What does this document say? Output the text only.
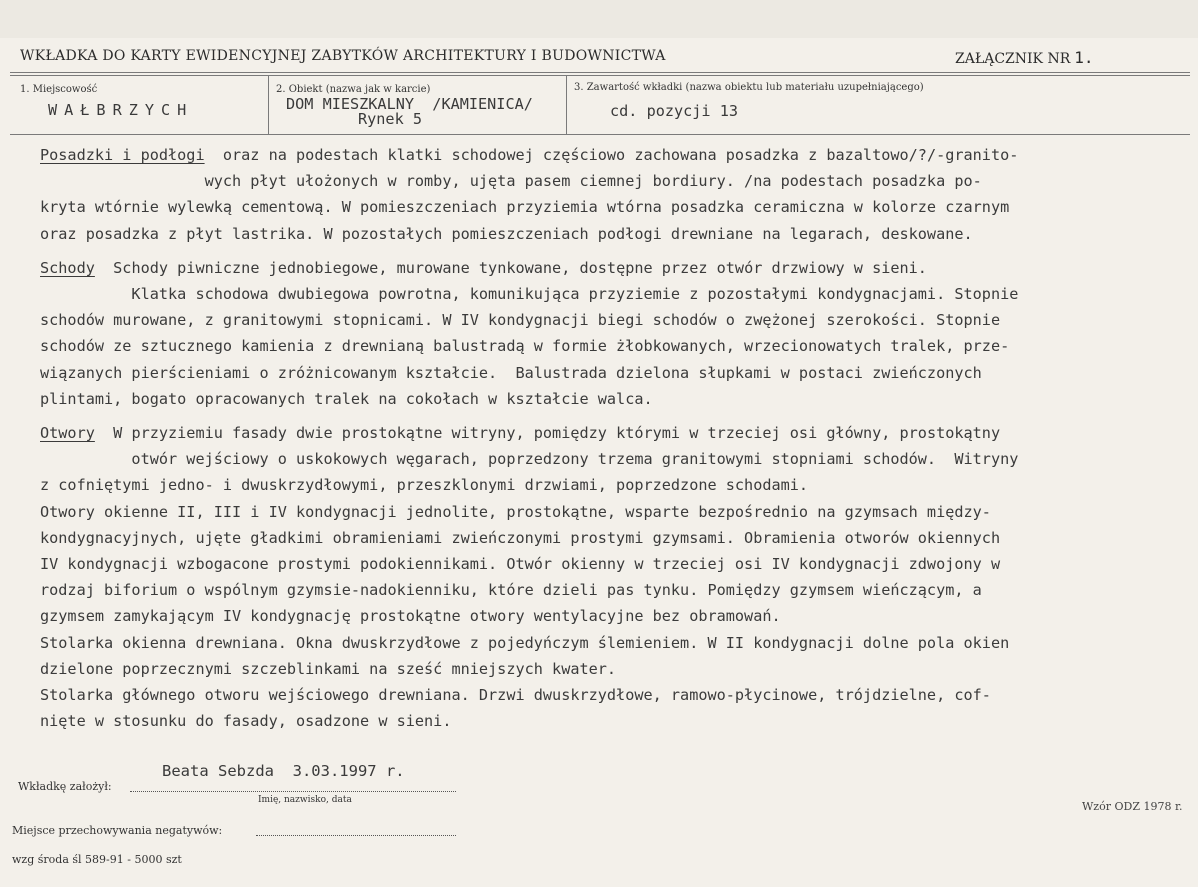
WKŁADKA DO KARTY EWIDENCYJNEJ ZABYTKÓW ARCHITEKTURY I BUDOWNICTWA	ZAŁĄCZNIK NR 1.
1. Miejscowość
WAŁBRZYCH
2. Obiekt (nazwa jak w karcie)
DOM MIESZKALNY  /KAMIENICA/
Rynek 5
3. Zawartość wkładki (nazwa obiektu lub materiału uzupełniającego)
cd. pozycji 13
Posadzki i podłogi  oraz na podestach klatki schodowej częściowo zachowana posadzka z bazaltowo/?/-granito-
wych płyt ułożonych w romby, ujęta pasem ciemnej bordiury. /na podestach posadzka po-
kryta wtórnie wylewką cementową. W pomieszczeniach przyziemia wtórna posadzka ceramiczna w kolorze czarnym
oraz posadzka z płyt lastrika. W pozostałych pomieszczeniach podłogi drewniane na legarach, deskowane.
Schody  Schody piwniczne jednobiegowe, murowane tynkowane, dostępne przez otwór drzwiowy w sieni.
Klatka schodowa dwubiegowa powrotna, komunikująca przyziemie z pozostałymi kondygnacjami. Stopnie
schodów murowane, z granitowymi stopnicami. W IV kondygnacji biegi schodów o zwężonej szerokości. Stopnie
schodów ze sztucznego kamienia z drewnianą balustradą w formie żłobkowanych, wrzecionowatych tralek, prze-
wiązanych pierścieniami o zróżnicowanym kształcie.  Balustrada dzielona słupkami w postaci zwieńczonych
plintami, bogato opracowanych tralek na cokołach w kształcie walca.
Otwory  W przyziemiu fasady dwie prostokątne witryny, pomiędzy którymi w trzeciej osi główny, prostokątny
otwór wejściowy o uskokowych węgarach, poprzedzony trzema granitowymi stopniami schodów.  Witryny
z cofniętymi jedno- i dwuskrzydłowymi, przeszklonymi drzwiami, poprzedzone schodami.
Otwory okienne II, III i IV kondygnacji jednolite, prostokątne, wsparte bezpośrednio na gzymsach między-
kondygnacyjnych, ujęte gładkimi obramieniami zwieńczonymi prostymi gzymsami. Obramienia otworów okiennych
IV kondygnacji wzbogacone prostymi podokiennikami. Otwór okienny w trzeciej osi IV kondygnacji zdwojony w
rodzaj biforium o wspólnym gzymsie-nadokienniku, które dzieli pas tynku. Pomiędzy gzymsem wieńczącym, a
gzymsem zamykającym IV kondygnację prostokątne otwory wentylacyjne bez obramowań.
Stolarka okienna drewniana. Okna dwuskrzydłowe z pojedyńczym ślemieniem. W II kondygnacji dolne pola okien
dzielone poprzecznymi szczeblinkami na sześć mniejszych kwater.
Stolarka głównego otworu wejściowego drewniana. Drzwi dwuskrzydłowe, ramowo-płycinowe, trójdzielne, cof-
nięte w stosunku do fasady, osadzone w sieni.
Beata Sebzda  3.03.1997 r.
Wkładkę założył:
Imię, nazwisko, data	Wzór ODZ 1978 r.
Miejsce przechowywania negatywów:
wzg środa śl 589-91 - 5000 szt
